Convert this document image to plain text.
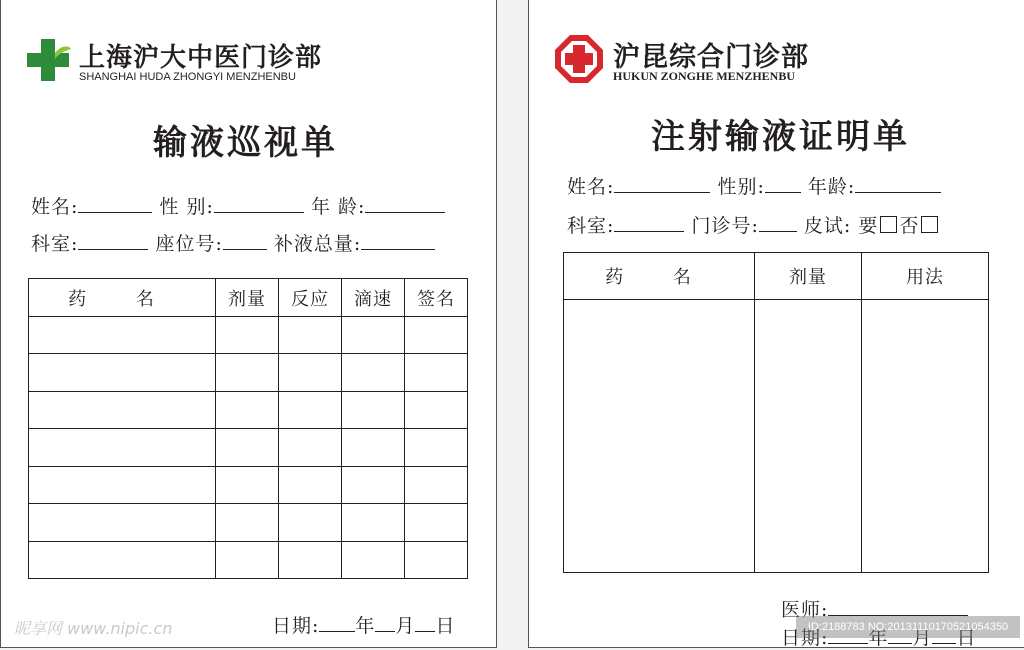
上海沪大中医门诊部
SHANGHAI HUDA ZHONGYI MENZHENBU
输液巡视单
姓名:	性 别:	年 龄:
科室:	座位号:	补液总量:
药 名	剂量	反应	滴速	签名

日期: 年 月 日
沪昆综合门诊部
HUKUN ZONGHE MENZHENBU
注射输液证明单
姓名:	性别: 年龄:
科室:	门诊号: 皮试: 要 否
药 名	剂量	用法

医师:
日期: 年 月 日
昵享网 www.nipic.cn	ID:2188783 NO:20131110170521054350
